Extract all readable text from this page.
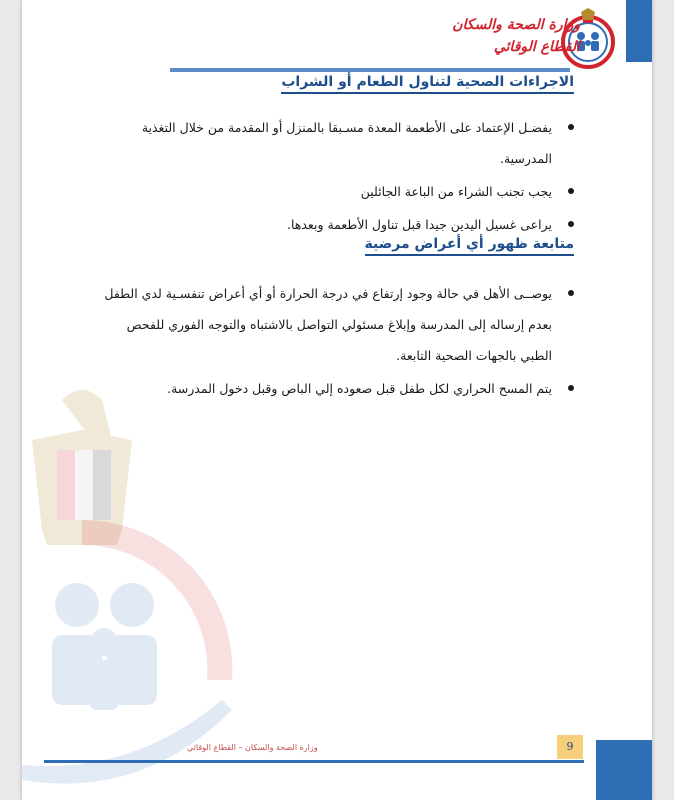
وزارة الصحة والسكان
القطاع الوقائي
الاجراءات الصحية لتناول الطعام أو الشراب
يفضـل الإعتماد على الأطعمة المعدة مسـبقا بالمنزل أو المقدمة من خلال التغذية المدرسية.
يجب تجنب الشراء من الباعة الجائلين
يراعى غسيل اليدين جيدا قبل تناول الأطعمة وبعدها.
متابعة ظهور أي أعراض مرضية
يوصــى الأهل في حالة وجود إرتفاع في درجة الحرارة أو أي أعراض تنفسـية لدي الطفل بعدم إرساله إلى المدرسة وإبلاغ مسئولي التواصل بالاشتباه والتوجه الفوري للفحص الطبي بالجهات الصحية التابعة.
يتم المسح الحراري لكل طفل قبل صعوده إلي الباص وقبل دخول المدرسة.
وزارة الصحة والسكان – القطاع الوقائي	9
